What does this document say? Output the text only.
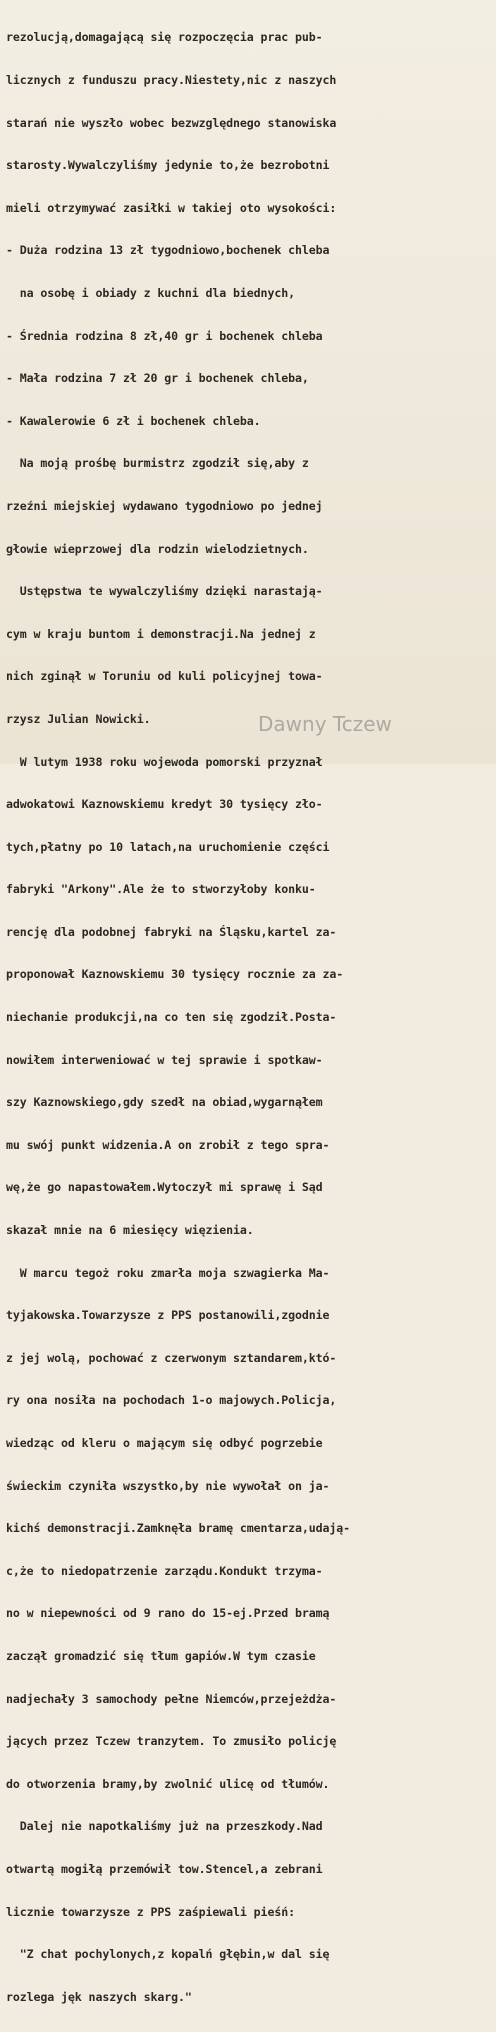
rezolucją,domagającą się rozpoczęcia prac pub-

licznych z funduszu pracy.Niestety,nic z naszych

starań nie wyszło wobec bezwzględnego stanowiska

starosty.Wywalczyliśmy jedynie to,że bezrobotni

mieli otrzymywać zasiłki w takiej oto wysokości:

- Duża rodzina 13 zł tygodniowo,bochenek chleba

na osobę i obiady z kuchni dla biednych,

- Średnia rodzina 8 zł,40 gr i bochenek chleba

- Mała rodzina 7 zł 20 gr i bochenek chleba,

- Kawalerowie 6 zł i bochenek chleba.

Na moją prośbę burmistrz zgodził się,aby z

rzeźni miejskiej wydawano tygodniowo po jednej

głowie wieprzowej dla rodzin wielodzietnych.

Ustępstwa te wywalczyliśmy dzięki narastają-

cym w kraju buntom i demonstracji.Na jednej z

nich zginął w Toruniu od kuli policyjnej towa-

rzysz Julian Nowicki.

W lutym 1938 roku wojewoda pomorski przyznał

adwokatowi Kaznowskiemu kredyt 30 tysięcy zło-

tych,płatny po 10 latach,na uruchomienie części

fabryki "Arkony".Ale że to stworzyłoby konku-

rencję dla podobnej fabryki na Śląsku,kartel za-

proponował Kaznowskiemu 30 tysięcy rocznie za za-

niechanie produkcji,na co ten się zgodził.Posta-

nowiłem interweniować w tej sprawie i spotkaw-

szy Kaznowskiego,gdy szedł na obiad,wygarnąłem

mu swój punkt widzenia.A on zrobił z tego spra-

wę,że go napastowałem.Wytoczył mi sprawę i Sąd

skazał mnie na 6 miesięcy więzienia.

W marcu tegoż roku zmarła moja szwagierka Ma-

tyjakowska.Towarzysze z PPS postanowili,zgodnie

z jej wolą, pochować z czerwonym sztandarem,któ-

ry ona nosiła na pochodach 1-o majowych.Policja,

wiedząc od kleru o mającym się odbyć pogrzebie

świeckim czyniła wszystko,by nie wywołał on ja-

kichś demonstracji.Zamknęła bramę cmentarza,udają-

c,że to niedopatrzenie zarządu.Kondukt trzyma-

no w niepewności od 9 rano do 15-ej.Przed bramą

zaczął gromadzić się tłum gapiów.W tym czasie

nadjechały 3 samochody pełne Niemców,przejeżdża-

jących przez Tczew tranzytem. To zmusiło policję

do otworzenia bramy,by zwolnić ulicę od tłumów.

Dalej nie napotkaliśmy już na przeszkody.Nad

otwartą mogiłą przemówił tow.Stencel,a zebrani

licznie towarzysze z PPS zaśpiewali pieśń:

"Z chat pochylonych,z kopalń głębin,w dal się

rozlega jęk naszych skarg."

Dawny Tczew
